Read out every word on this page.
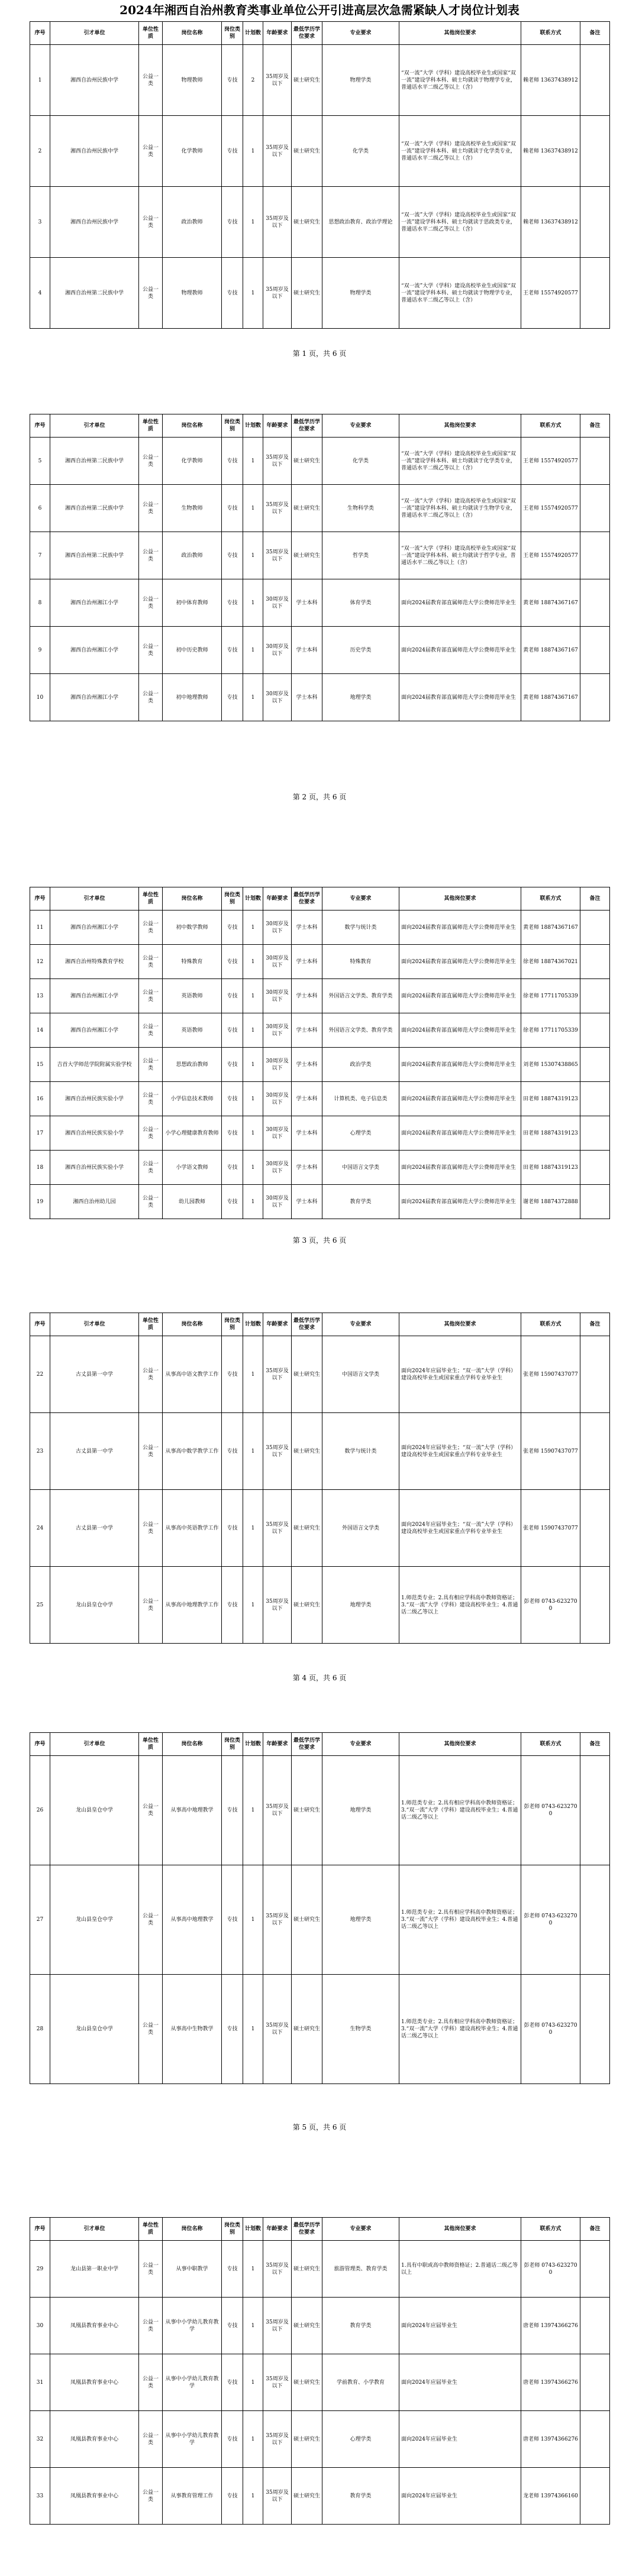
2024年湘西自治州教育类事业单位公开引进高层次急需紧缺人才岗位计划表
序号	引才单位	单位性质	岗位名称	岗位类别	计划数	年龄要求	最低学历学位要求	专业要求	其他岗位要求	联系方式	备注
1	湘西自治州民族中学	公益一类	物理教师	专技	2	35周岁及以下	硕士研究生	物理学类	“双一流”大学（学科）建设高校毕业生或国家“双一流”建设学科本科、硕士均就读于物理学专业，普通话水平二级乙等以上（含）	赖老师 13637438912	
2	湘西自治州民族中学	公益一类	化学教师	专技	1	35周岁及以下	硕士研究生	化学类	“双一流”大学（学科）建设高校毕业生或国家“双一流”建设学科本科、硕士均就读于化学类专业，普通话水平二级乙等以上（含）	赖老师 13637438912	
3	湘西自治州民族中学	公益一类	政治教师	专技	1	35周岁及以下	硕士研究生	思想政治教育、政治学理论	“双一流”大学（学科）建设高校毕业生或国家“双一流”建设学科本科、硕士均就读于思政类专业，普通话水平二级乙等以上（含）	赖老师 13637438912	
4	湘西自治州第二民族中学	公益一类	物理教师	专技	1	35周岁及以下	硕士研究生	物理学类	“双一流”大学（学科）建设高校毕业生或国家“双一流”建设学科本科、硕士均就读于物理学专业，普通话水平二级乙等以上（含）	王老师 15574920577	
第 1 页，共 6 页
序号	引才单位	单位性质	岗位名称	岗位类别	计划数	年龄要求	最低学历学位要求	专业要求	其他岗位要求	联系方式	备注
5	湘西自治州第二民族中学	公益一类	化学教师	专技	1	35周岁及以下	硕士研究生	化学类	“双一流”大学（学科）建设高校毕业生或国家“双一流”建设学科本科、硕士均就读于化学类专业，普通话水平二级乙等以上（含）	王老师 15574920577	
6	湘西自治州第二民族中学	公益一类	生物教师	专技	1	35周岁及以下	硕士研究生	生物科学类	“双一流”大学（学科）建设高校毕业生或国家“双一流”建设学科本科、硕士均就读于生物学专业，普通话水平二级乙等以上（含）	王老师 15574920577	
7	湘西自治州第二民族中学	公益一类	政治教师	专技	1	35周岁及以下	硕士研究生	哲学类	“双一流”大学（学科）建设高校毕业生或国家“双一流”建设学科本科、硕士均就读于哲学专业，普通话水平二级乙等以上（含）	王老师 15574920577	
8	湘西自治州湘江小学	公益一类	初中体育教师	专技	1	30周岁及以下	学士本科	体育学类	面向2024届教育部直属师范大学公费师范毕业生	黄老师 18874367167	
9	湘西自治州湘江小学	公益一类	初中历史教师	专技	1	30周岁及以下	学士本科	历史学类	面向2024届教育部直属师范大学公费师范毕业生	黄老师 18874367167	
10	湘西自治州湘江小学	公益一类	初中地理教师	专技	1	30周岁及以下	学士本科	地理学类	面向2024届教育部直属师范大学公费师范毕业生	黄老师 18874367167	
第 2 页，共 6 页
序号	引才单位	单位性质	岗位名称	岗位类别	计划数	年龄要求	最低学历学位要求	专业要求	其他岗位要求	联系方式	备注
11	湘西自治州湘江小学	公益一类	初中数学教师	专技	1	30周岁及以下	学士本科	数学与统计类	面向2024届教育部直属师范大学公费师范毕业生	黄老师 18874367167	
12	湘西自治州特殊教育学校	公益一类	特殊教育	专技	1	30周岁及以下	学士本科	特殊教育	面向2024届教育部直属师范大学公费师范毕业生	徐老师 18874367021	
13	湘西自治州湘江小学	公益一类	英语教师	专技	1	30周岁及以下	学士本科	外国语言文学类、教育学类	面向2024届教育部直属师范大学公费师范毕业生	徐老师 17711705339	
14	湘西自治州湘江小学	公益一类	英语教师	专技	1	30周岁及以下	学士本科	外国语言文学类、教育学类	面向2024届教育部直属师范大学公费师范毕业生	徐老师 17711705339	
15	吉首大学师范学院附属实验学校	公益一类	思想政治教师	专技	1	30周岁及以下	学士本科	政治学类	面向2024届教育部直属师范大学公费师范毕业生	刘老师 15307438865	
16	湘西自治州民族实验小学	公益一类	小学信息技术教师	专技	1	30周岁及以下	学士本科	计算机类、电子信息类	面向2024届教育部直属师范大学公费师范毕业生	田老师 18874319123	
17	湘西自治州民族实验小学	公益一类	小学心理健康教育教师	专技	1	30周岁及以下	学士本科	心理学类	面向2024届教育部直属师范大学公费师范毕业生	田老师 18874319123	
18	湘西自治州民族实验小学	公益一类	小学语文教师	专技	1	30周岁及以下	学士本科	中国语言文学类	面向2024届教育部直属师范大学公费师范毕业生	田老师 18874319123	
19	湘西自治州幼儿园	公益一类	幼儿园教师	专技	1	30周岁及以下	学士本科	教育学类	面向2024届教育部直属师范大学公费师范毕业生	谢老师 18874372888	
第 3 页，共 6 页
序号	引才单位	单位性质	岗位名称	岗位类别	计划数	年龄要求	最低学历学位要求	专业要求	其他岗位要求	联系方式	备注
22	古丈县第一中学	公益一类	从事高中语文教学工作	专技	1	35周岁及以下	硕士研究生	中国语言文学类	面向2024年应届毕业生；“双一流”大学（学科）建设高校毕业生或国家重点学科专业毕业生	张老师 15907437077	
23	古丈县第一中学	公益一类	从事高中数学教学工作	专技	1	35周岁及以下	硕士研究生	数学与统计类	面向2024年应届毕业生；“双一流”大学（学科）建设高校毕业生或国家重点学科专业毕业生	张老师 15907437077	
24	古丈县第一中学	公益一类	从事高中英语教学工作	专技	1	35周岁及以下	硕士研究生	外国语言文学类	面向2024年应届毕业生；“双一流”大学（学科）建设高校毕业生或国家重点学科专业毕业生	张老师 15907437077	
25	龙山县皇仓中学	公益一类	从事高中地理教学工作	专技	1	35周岁及以下	硕士研究生	地理学类	1.师范类专业；2.具有相应学科高中教师资格证；3.“双一流”大学（学科）建设高校毕业生；4.普通话二级乙等以上	彭老师 0743-6232700	
第 4 页，共 6 页
序号	引才单位	单位性质	岗位名称	岗位类别	计划数	年龄要求	最低学历学位要求	专业要求	其他岗位要求	联系方式	备注
26	龙山县皇仓中学	公益一类	从事高中地理教学	专技	1	35周岁及以下	硕士研究生	地理学类	1.师范类专业；2.具有相应学科高中教师资格证；3.“双一流”大学（学科）建设高校毕业生；4.普通话二级乙等以上	彭老师 0743-6232700	
27	龙山县皇仓中学	公益一类	从事高中地理教学	专技	1	35周岁及以下	硕士研究生	地理学类	1.师范类专业；2.具有相应学科高中教师资格证；3.“双一流”大学（学科）建设高校毕业生；4.普通话二级乙等以上	彭老师 0743-6232700	
28	龙山县皇仓中学	公益一类	从事高中生物教学	专技	1	35周岁及以下	硕士研究生	生物学类	1.师范类专业；2.具有相应学科高中教师资格证；3.“双一流”大学（学科）建设高校毕业生；4.普通话二级乙等以上	彭老师 0743-6232700	
第 5 页，共 6 页
序号	引才单位	单位性质	岗位名称	岗位类别	计划数	年龄要求	最低学历学位要求	专业要求	其他岗位要求	联系方式	备注
29	龙山县第一职业中学	公益一类	从事中职教学	专技	1	35周岁及以下	硕士研究生	旅游管理类、教育学类	1.具有中职或高中教师资格证；2.普通话二级乙等以上	彭老师 0743-6232700	
30	凤凰县教育事业中心	公益一类	从事中小学幼儿教育教学	专技	1	35周岁及以下	硕士研究生	教育学类	面向2024年应届毕业生	唐老师 13974366276	
31	凤凰县教育事业中心	公益一类	从事中小学幼儿教育教学	专技	1	35周岁及以下	硕士研究生	学前教育、小学教育	面向2024年应届毕业生	唐老师 13974366276	
32	凤凰县教育事业中心	公益一类	从事中小学幼儿教育教学	专技	1	35周岁及以下	硕士研究生	心理学类	面向2024年应届毕业生	唐老师 13974366276	
33	凤凰县教育事业中心	公益一类	从事教育管理工作	专技	1	35周岁及以下	硕士研究生	教育学类	面向2024年应届毕业生	龙老师 13974366160	
